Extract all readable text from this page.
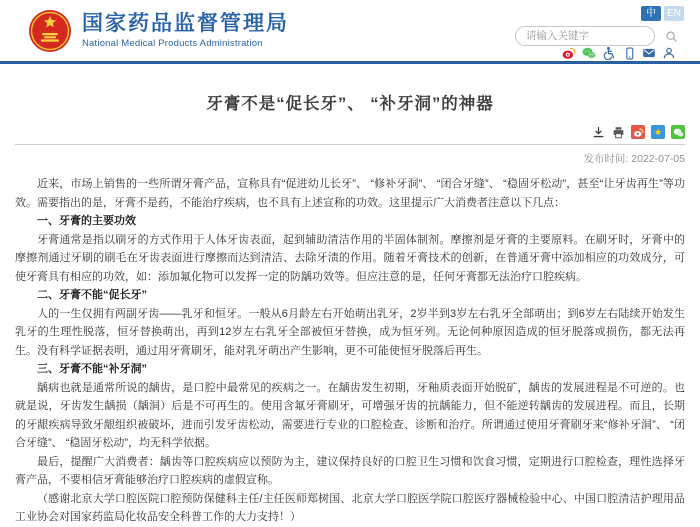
国家药品监督管理局
National Medical Products Administration
中	EN
请输入关键字
牙膏不是“促长牙”、 “补牙洞”的神器
★
发布时间: 2022-07-05

近来，市场上销售的一些所谓牙膏产品，宣称具有“促进幼儿长牙”、 “修补牙洞”、 “闭合牙缝”、 “稳固牙松动”，甚至“让牙齿再生”等功效。需要指出的是，牙膏不是药，不能治疗疾病，也不具有上述宣称的功效。这里提示广大消费者注意以下几点：

一、牙膏的主要功效

牙膏通常是指以刷牙的方式作用于人体牙齿表面，起到辅助清洁作用的半固体制剂。摩擦剂是牙膏的主要原料。在刷牙时，牙膏中的摩擦剂通过牙刷的刷毛在牙齿表面进行摩擦而达到清洁、去除牙渍的作用。随着牙膏技术的创新，在普通牙膏中添加相应的功效成分，可使牙膏具有相应的功效，如：添加氟化物可以发挥一定的防龋功效等。但应注意的是，任何牙膏都无法治疗口腔疾病。

二、牙膏不能“促长牙”

人的一生仅拥有两副牙齿——乳牙和恒牙。一般从6月龄左右开始萌出乳牙，2岁半到3岁左右乳牙全部萌出；到6岁左右陆续开始发生乳牙的生理性脱落，恒牙替换萌出，再到12岁左右乳牙全部被恒牙替换，成为恒牙列。无论何种原因造成的恒牙脱落或损伤，都无法再生。没有科学证据表明，通过用牙膏刷牙，能对乳牙萌出产生影响，更不可能使恒牙脱落后再生。

三、牙膏不能“补牙洞”

龋病也就是通常所说的龋齿，是口腔中最常见的疾病之一。在龋齿发生初期，牙釉质表面开始脱矿，龋齿的发展进程是不可逆的。也就是说，牙齿发生龋损（龋洞）后是不可再生的。使用含氟牙膏刷牙，可增强牙齿的抗龋能力，但不能逆转龋齿的发展进程。而且，长期的牙龈疾病导致牙龈组织被破坏，进而引发牙齿松动，需要进行专业的口腔检查、诊断和治疗。所谓通过使用牙膏刷牙来“修补牙洞”、 “闭合牙缝”、 “稳固牙松动”，均无科学依据。

最后，提醒广大消费者：龋齿等口腔疾病应以预防为主，建议保持良好的口腔卫生习惯和饮食习惯，定期进行口腔检查，理性选择牙膏产品，不要相信牙膏能够治疗口腔疾病的虚假宣称。

（感谢北京大学口腔医院口腔预防保健科主任/主任医师郑树国、北京大学口腔医学院口腔医疗器械检验中心、中国口腔清洁护理用品工业协会对国家药监局化妆品安全科普工作的大力支持！）
